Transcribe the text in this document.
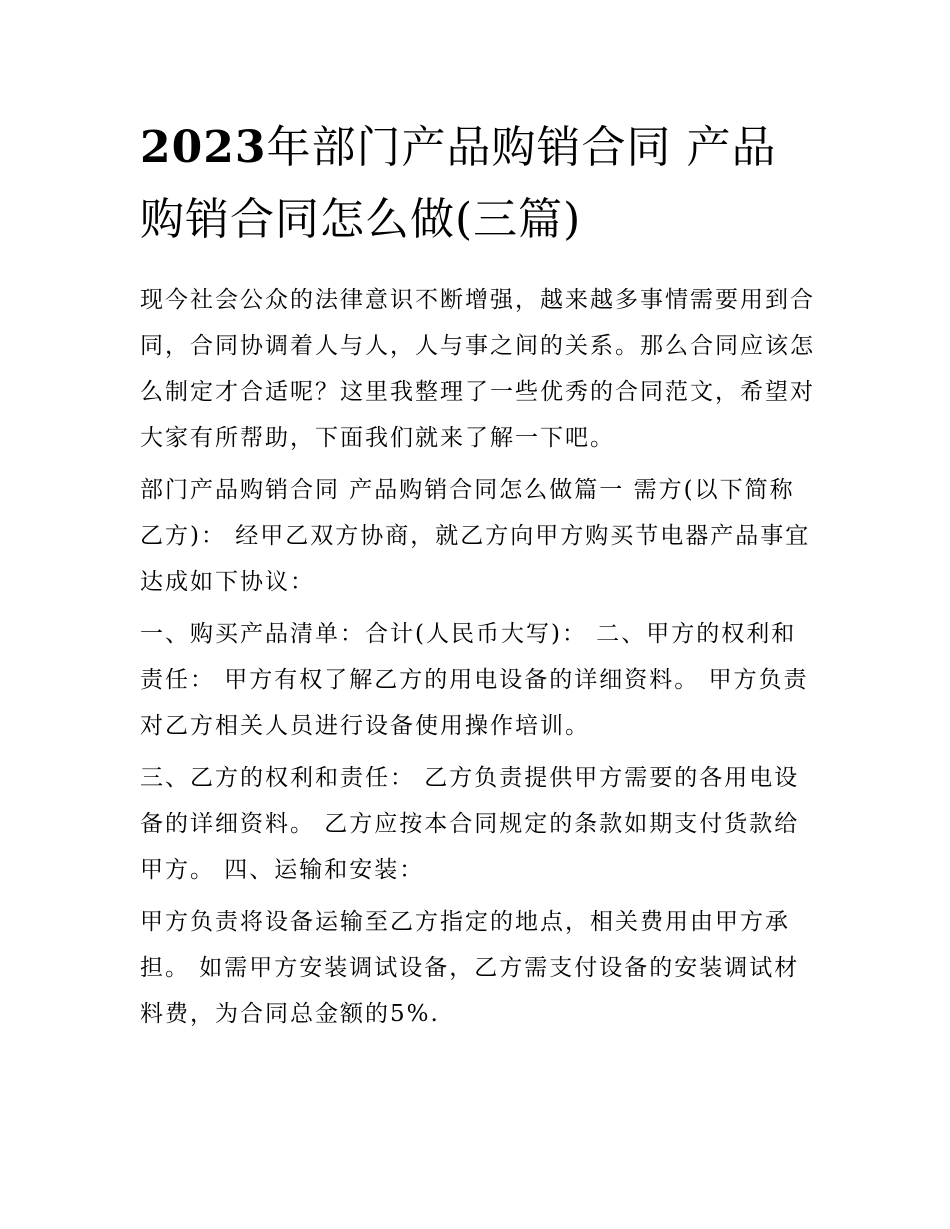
2023年部门产品购销合同 产品购销合同怎么做(三篇)

现今社会公众的法律意识不断增强，越来越多事情需要用到合同，合同协调着人与人，人与事之间的关系。那么合同应该怎么制定才合适呢？这里我整理了一些优秀的合同范文，希望对大家有所帮助，下面我们就来了解一下吧。

部门产品购销合同 产品购销合同怎么做篇一 需方(以下简称乙方)： 经甲乙双方协商，就乙方向甲方购买节电器产品事宜达成如下协议：

一、购买产品清单：合计(人民币大写)： 二、甲方的权利和责任： 甲方有权了解乙方的用电设备的详细资料。 甲方负责对乙方相关人员进行设备使用操作培训。

三、乙方的权利和责任： 乙方负责提供甲方需要的各用电设备的详细资料。 乙方应按本合同规定的条款如期支付货款给甲方。 四、运输和安装：

甲方负责将设备运输至乙方指定的地点，相关费用由甲方承担。 如需甲方安装调试设备，乙方需支付设备的安装调试材料费，为合同总金额的5%.
